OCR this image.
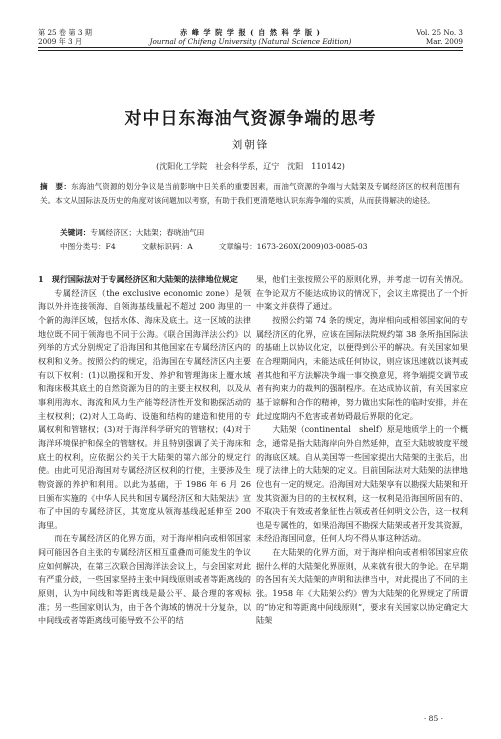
第 25 卷 第 3 期
2009 年 3 月
赤 峰 学 院 学 报 ( 自 然 科 学 版 )
Journal of Chifeng University (Natural Science Edition)
Vol. 25 No. 3
Mar. 2009
对中日东海油气资源争端的思考
刘朝锋
(沈阳化工学院　社会科学系，辽宁　沈阳　110142)
摘　要：东海油气资源的划分争议是当前影响中日关系的重要因素，而油气资源的争端与大陆架及专属经济区的权利范围有关。本文从国际法及历史的角度对该问题加以考察，有助于我们更清楚地认识东海争端的实质，从而获得解决的途径。
关键词：专属经济区；大陆架；春晓油气田
中图分类号：F4	文献标识码：A	文章编号：1673-260X(2009)03-0085-03
1　现行国际法对于专属经济区和大陆架的法律地位规定

专属经济区（the exclusive economic zone）是领海以外并连接领海、自领海基线量起不超过 200 海里的一个新的海洋区域，包括水体、海床及底土。这一区域的法律地位既不同于领海也不同于公海。《联合国海洋法公约》以列举的方式分别规定了沿海国和其他国家在专属经济区内的权利和义务。按照公约的规定，沿海国在专属经济区内主要有以下权利：(1)以勘探和开发、养护和管理海床上覆水域和海床极其底土的自然资源为目的的主要主权权利，以及从事利用海水、海流和风力生产能等经济性开发和勘探活动的主权权利；(2)对人工岛屿、设施和结构的建造和使用的专属权利和管辖权；(3)对于海洋科学研究的管辖权；(4)对于海洋环境保护和保全的管辖权。并且特别强调了关于海床和底土的权利，应依据公约关于大陆架的第六部分的规定行使。由此可见沿海国对专属经济区权利的行使，主要涉及生物资源的养护和利用。以此为基础，于 1986 年 6 月 26 日颁布实施的《中华人民共和国专属经济区和大陆架法》宣布了中国的专属经济区，其宽度从领海基线起延伸至 200 海里。

而在专属经济区的化界方面，对于海岸相向或相邻国家间可能因各自主张的专属经济区相互重叠而可能发生的争议应如何解决，在第三次联合国海洋法会议上，与会国家对此有严重分歧，一些国家坚持主张中间线原则或者等距离线的原则，认为中间线和等距离线是最公平、最合理的客观标准；另一些国家则认为，由于各个海域的情况十分复杂，以中间线或者等距离线可能导致不公平的结

果，他们主张按照公平的原则化界，并考虑一切有关情况。在争论双方不能达成协议的情况下，会议主席提出了一个折中案文并获得了通过。

按照公约第 74 条的规定，海岸相向或相邻国家间的专属经济区的化界，应该在国际法院规约第 38 条所指国际法的基础上以协议化定，以便得到公平的解决。有关国家如果在合理期间内，未能达成任何协议，则应该迅速就以谈判或者其他和平方法解决争端一事交换意见，将争端提交调节或者有拘束力的裁判的强制程序。在达成协议前，有关国家应基于谅解和合作的精神，努力做出实际性的临时安排，并在此过度期内不危害或者妨碍最后界限的化定。

大陆架（continental　shelf）原是地质学上的一个概念，通常是指大陆海岸向外自然延伸，直至大陆坡坡度平缓的海底区域。自从美国等一些国家提出大陆架的主张后，出现了法律上的大陆架的定义。目前国际法对大陆架的法律地位也有一定的规定。沿海国对大陆架享有以勘探大陆架和开发其资源为目的的主权权利，这一权利是沿海国所固有的、不取决于有效或者象征性占领或者任何明文公告，这一权利也是专属性的，如果沿海国不勘探大陆架或者开发其资源，未经沿海国同意，任何人均不得从事这种活动。

在大陆架的化界方面，对于海岸相向或者相邻国家应依据什么样的大陆架化界原则，从来就有很大的争论。在早期的各国有关大陆架的声明和法律当中，对此提出了不同的主张。1958 年《大陆架公约》曾为大陆架的化界规定了所谓的“协定和等距离中间线原则”，要求有关国家以协定确定大陆架

· 85 ·
